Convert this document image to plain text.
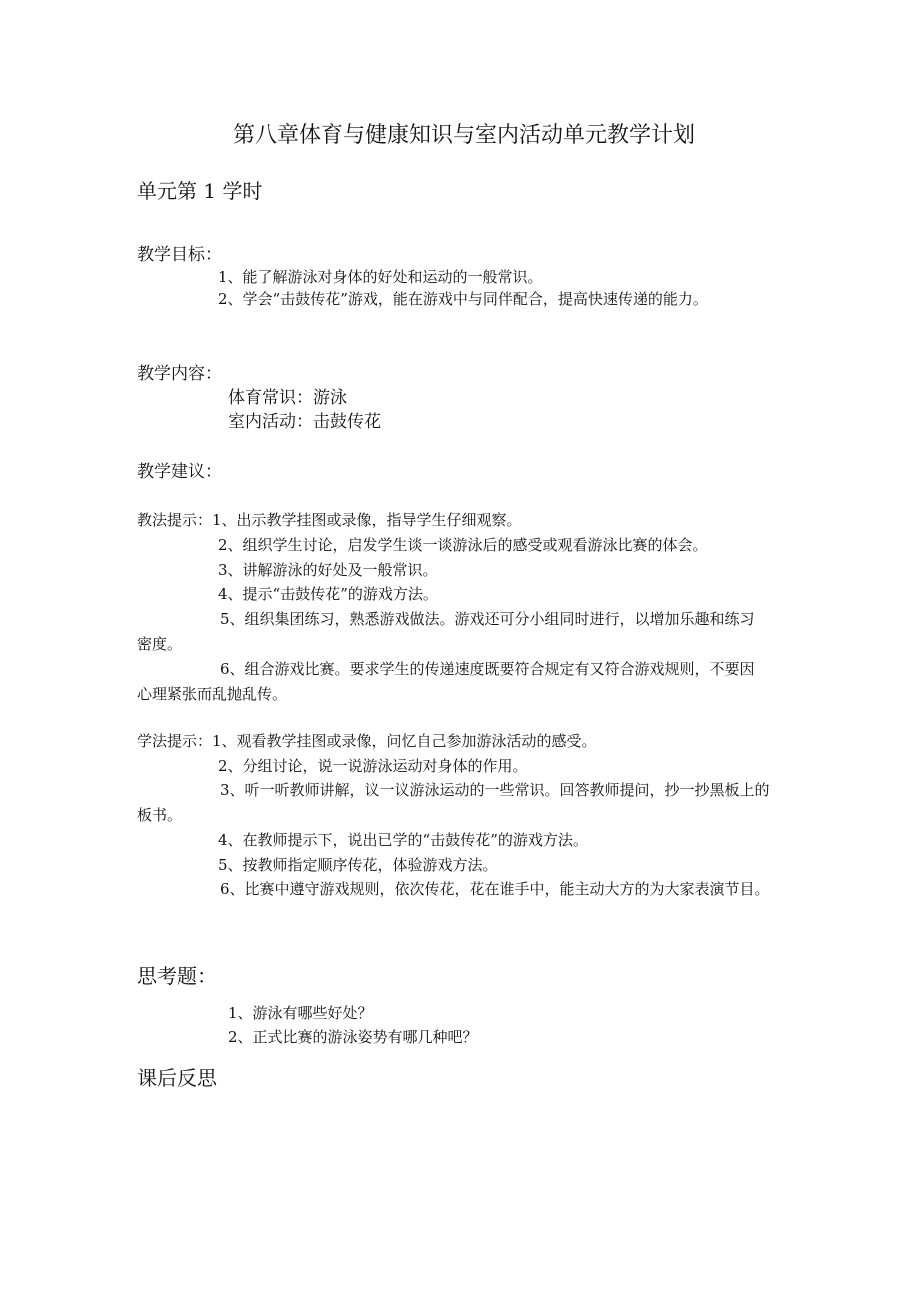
第八章体育与健康知识与室内活动单元教学计划
单元第 1 学时
教学目标：
1、能了解游泳对身体的好处和运动的一般常识。
2、学会“击鼓传花”游戏，能在游戏中与同伴配合，提高快速传递的能力。
教学内容：
体育常识：游泳
室内活动：击鼓传花
教学建议：
教法提示：1、出示教学挂图或录像，指导学生仔细观察。
2、组织学生讨论，启发学生谈一谈游泳后的感受或观看游泳比赛的体会。
3、讲解游泳的好处及一般常识。
4、提示“击鼓传花”的游戏方法。
5、组织集团练习，熟悉游戏做法。游戏还可分小组同时进行，以增加乐趣和练习
密度。
6、组合游戏比赛。要求学生的传递速度既要符合规定有又符合游戏规则，不要因
心理紧张而乱抛乱传。
学法提示：1、观看教学挂图或录像，问忆自己参加游泳活动的感受。
2、分组讨论，说一说游泳运动对身体的作用。
3、听一听教师讲解，议一议游泳运动的一些常识。回答教师提问，抄一抄黑板上的
板书。
4、在教师提示下，说出已学的“击鼓传花”的游戏方法。
5、按教师指定顺序传花，体验游戏方法。
6、比赛中遵守游戏规则，依次传花，花在谁手中，能主动大方的为大家表演节目。
思考题：
1、游泳有哪些好处？
2、正式比赛的游泳姿势有哪几种吧？
课后反思
